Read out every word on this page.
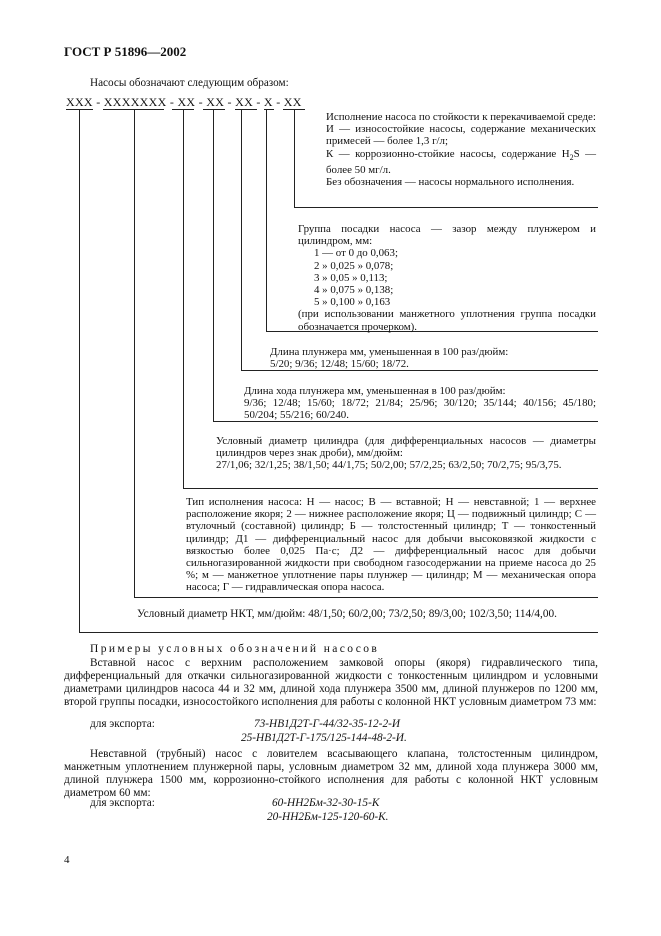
ГОСТ Р 51896—2002
Насосы обозначают следующим образом:
XXX - XXXXXXX - XX - XX - XX - X - XX

Исполнение насоса по стойкости к перекачиваемой среде:

И — износостойкие насосы, содержание механических примесей — более 1,3 г/л;

К — коррозионно-стойкие насосы, содержание $H_2S$ — более 50 мг/л.

Без обозначения — насосы нормального исполнения.

Группа посадки насоса — зазор между плунжером и цилиндром, мм:

1 — от 0 до 0,063;

2 » 0,025 » 0,078;

3 » 0,05 » 0,113;

4 » 0,075 » 0,138;

5 » 0,100 » 0,163

(при использовании манжетного уплотнения группа посадки обозначается прочерком).

Длина плунжера мм, уменьшенная в 100 раз/дюйм:

5/20; 9/36; 12/48; 15/60; 18/72.

Длина хода плунжера мм, уменьшенная в 100 раз/дюйм:

9/36; 12/48; 15/60; 18/72; 21/84; 25/96; 30/120; 35/144; 40/156; 45/180; 50/204; 55/216; 60/240.

Условный диаметр цилиндра (для дифференциальных насосов — диаметры цилиндров через знак дроби), мм/дюйм:

27/1,06; 32/1,25; 38/1,50; 44/1,75; 50/2,00; 57/2,25; 63/2,50; 70/2,75; 95/3,75.

Тип исполнения насоса: Н — насос; В — вставной; Н — невставной; 1 — верхнее расположение якоря; 2 — нижнее расположение якоря; Ц — подвижный цилиндр; С — втулочный (составной) цилиндр; Б — толстостенный цилиндр; Т — тонкостенный цилиндр; Д1 — дифференциальный насос для добычи высоковязкой жидкости с вязкостью более 0,025 Па·с; Д2 — дифференциальный насос для добычи сильногазированной жидкости при свободном газосодержании на приеме насоса до 25 %; м — манжетное уплотнение пары плунжер — цилиндр; М — механическая опора насоса; Г — гидравлическая опора насоса.

Условный диаметр НКТ, мм/дюйм: 48/1,50; 60/2,00; 73/2,50; 89/3,00; 102/3,50; 114/4,00.

Примеры условных обозначений насосов
Вставной насос с верхним расположением замковой опоры (якоря) гидравлического типа, дифференциальный для откачки сильногазированной жидкости с тонкостенным цилиндром и условными диаметрами цилиндров насоса 44 и 32 мм, длиной хода плунжера 3500 мм, длиной плунжеров по 1200 мм, второй группы посадки, износостойкого исполнения для работы с колонной НКТ условным диаметром 73 мм:
для экспорта:	73-НВ1Д2Т-Г-44/32-35-12-2-И
25-НВ1Д2Т-Г-175/125-144-48-2-И.
Невставной (трубный) насос с ловителем всасывающего клапана, толстостенным цилиндром, манжетным уплотнением плунжерной пары, условным диаметром 32 мм, длиной хода плунжера 3000 мм, длиной плунжера 1500 мм, коррозионно-стойкого исполнения для работы с колонной НКТ условным диаметром 60 мм:
для экспорта:	60-НН2Бм-32-30-15-К
20-НН2Бм-125-120-60-К.
4
